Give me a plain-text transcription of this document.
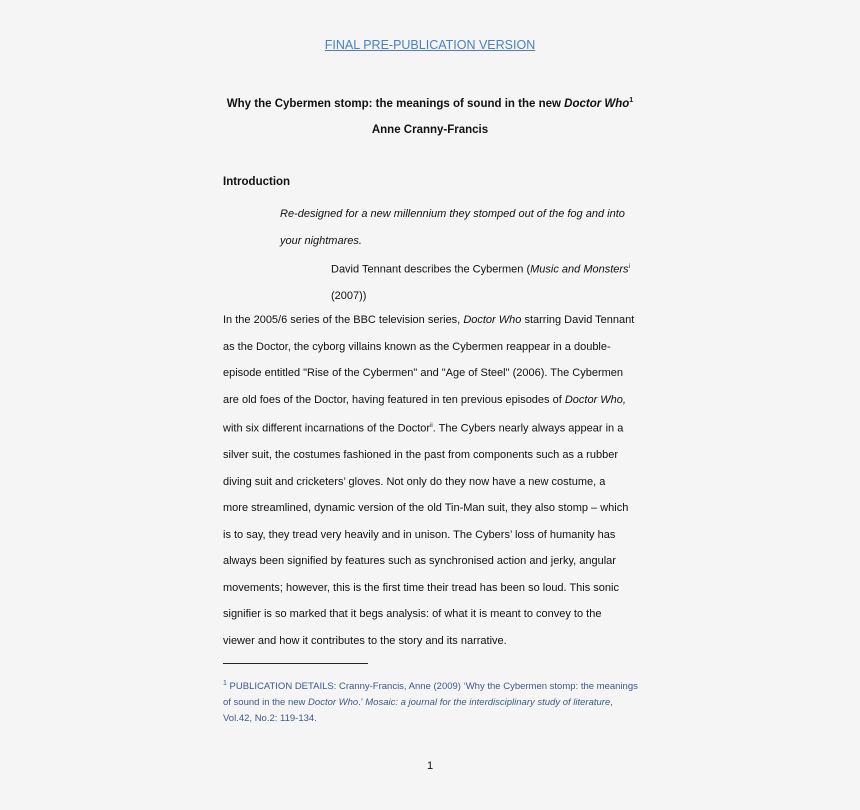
FINAL PRE-PUBLICATION VERSION
Why the Cybermen stomp: the meanings of sound in the new Doctor Who$^1$
Anne Cranny-Francis
Introduction
Re-designed for a new millennium they stomped out of the fog and into your nightmares.
David Tennant describes the Cybermen (Music and Monsters$^i$
(2007))
In the 2005/6 series of the BBC television series, Doctor Who starring David Tennant
as the Doctor, the cyborg villains known as the Cybermen reappear in a double-
episode entitled "Rise of the Cybermen" and "Age of Steel" (2006). The Cybermen
are old foes of the Doctor, having featured in ten previous episodes of Doctor Who,
with six different incarnations of the Doctor$^{ii}$. The Cybers nearly always appear in a
silver suit, the costumes fashioned in the past from components such as a rubber
diving suit and cricketers’ gloves. Not only do they now have a new costume, a
more streamlined, dynamic version of the old Tin-Man suit, they also stomp – which
is to say, they tread very heavily and in unison. The Cybers’ loss of humanity has
always been signified by features such as synchronised action and jerky, angular
movements; however, this is the first time their tread has been so loud. This sonic
signifier is so marked that it begs analysis: of what it is meant to convey to the
viewer and how it contributes to the story and its narrative.
$^1$ PUBLICATION DETAILS: Cranny-Francis, Anne (2009) ‘Why the Cybermen stomp: the meanings of sound in the new Doctor Who.’ Mosaic: a journal for the interdisciplinary study of literature, Vol.42, No.2: 119-134.
1
